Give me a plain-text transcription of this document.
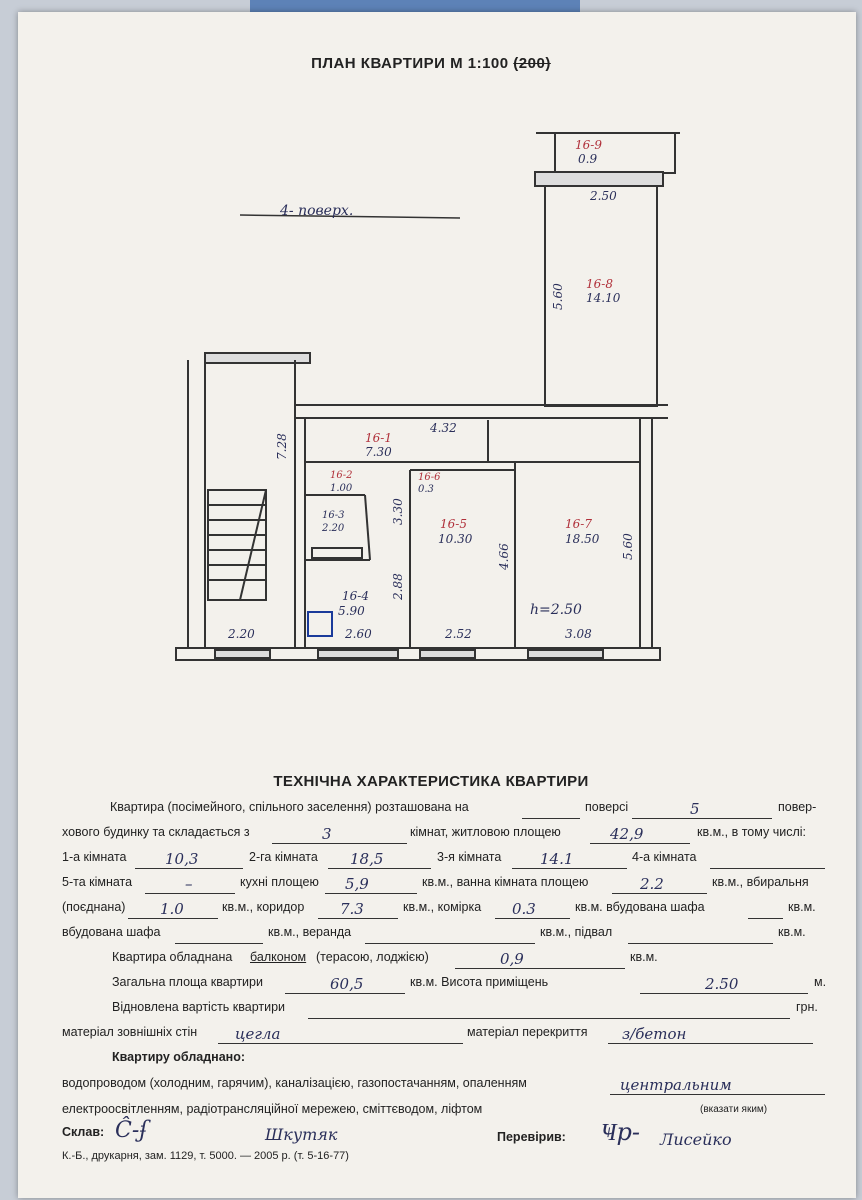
ПЛАН КВАРТИРИ М 1:100 (200)
4- поверх.
16-9
0.9
16-8
14.10
16-1
7.30
16-2
1.00
16-6
0.3
16-3
2.20	16-5
10.30
16-7
18.50
16-4
5.90
2.50
4.32
2.20	2.60	2.52	3.08
h=2.50
5.60
7.28
4.66	5.60
3.30
2.88
ТЕХНІЧНА ХАРАКТЕРИСТИКА КВАРТИРИ
Квартира (посімейного, спільного заселення) розташована на	поверсі	5	повер-
хового будинку та складається з	3	кімнат, житловою площею	42,9	кв.м., в тому числі:
1-а кімната	10,3	2-га кімната 18,5	3-я кімната	14.1	4-а кімната
5-та кімната	–	кухні площею 5,9	кв.м., ванна кімната площею	2.2	кв.м., вбиральня
(поєднана) 1.0	кв.м., коридор 7.3	кв.м., комірка 0.3	кв.м. вбудована шафа	кв.м.
вбудована шафа	кв.м., веранда	кв.м., підвал	кв.м.
Квартира обладнана балконом (терасою, лоджією)	0,9	кв.м.
Загальна площа квартири	60,5	кв.м. Висота приміщень	2.50	м.
Відновлена вартість квартири	грн.
матеріал зовнішніх стін	цегла	матеріал перекриття з/бетон
Квартиру обладнано:
водопроводом (холодним, гарячим), каналізацією, газопостачанням, опаленням	центральним
електроосвітленням, радіотрансляційної мережею, сміттєводом, ліфтом	(вказати яким)
Склав:	Перевірив:
Ĉ-ʄ	Шкутяк	Ҹр- Лисейко
К.-Б., друкарня, зам. 1129, т. 5000. — 2005 р. (т. 5-16-77)
